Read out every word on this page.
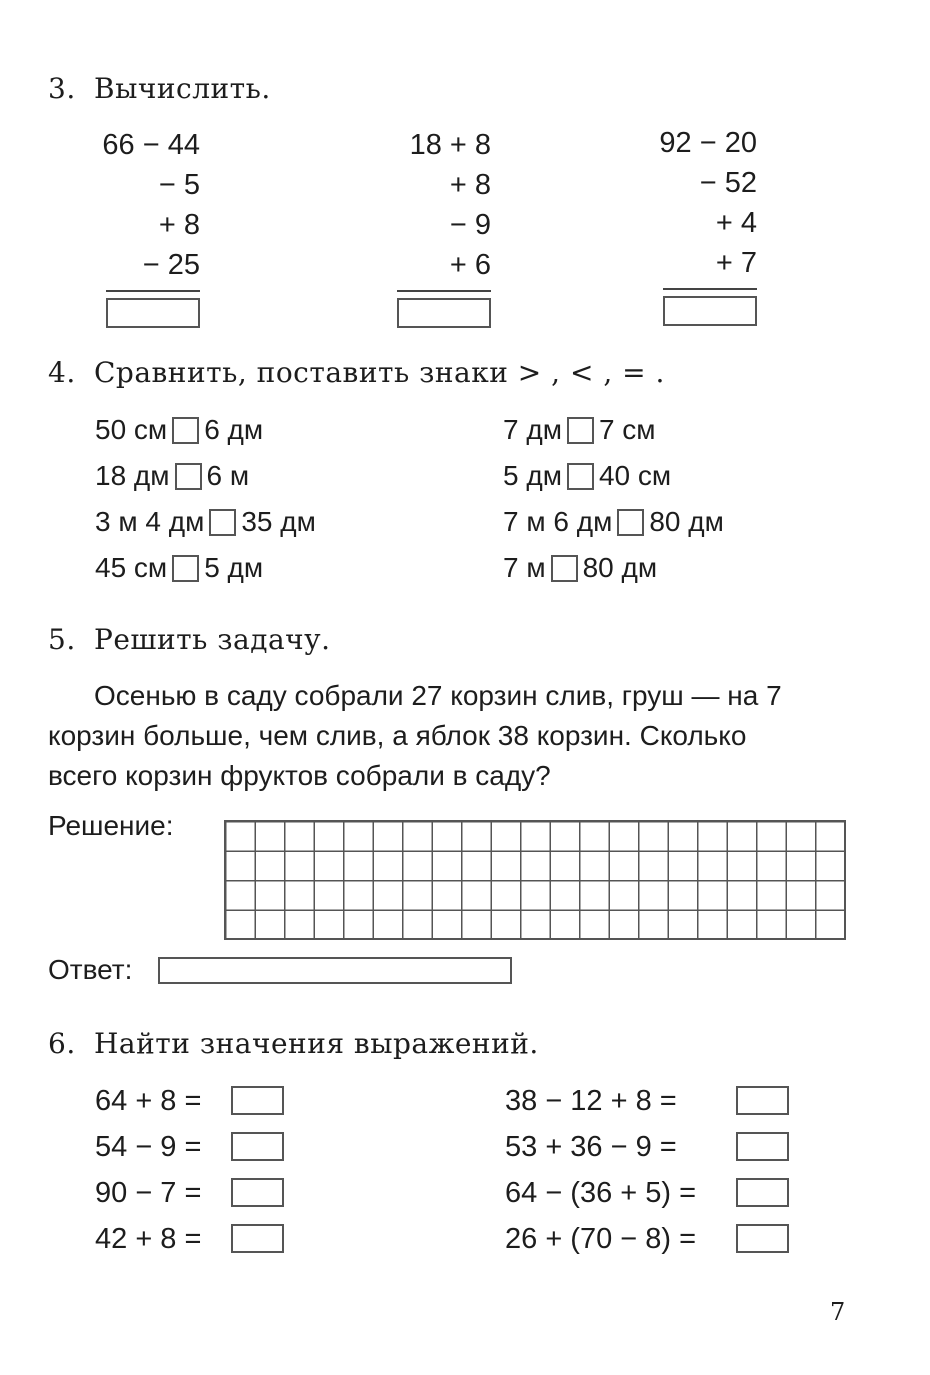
3. Вычислить.
66 − 44
− 5
+ 8
− 25
18 + 8
+ 8
− 9
+ 6
92 − 20
− 52
+ 4
+ 7
4. Сравнить, поставить знаки > , < , = .
50 см 6 дм
18 дм 6 м
3 м 4 дм 35 дм
45 см 5 дм
7 дм 7 см
5 дм 40 см
7 м 6 дм 80 дм
7 м 80 дм
5. Решить задачу.
Осенью в саду собрали 27 корзин слив, груш — на 7
корзин больше, чем слив, а яблок 38 корзин. Сколько
всего корзин фруктов собрали в саду?
Решение:
Ответ:
6. Найти значения выражений.
64 + 8 =
54 − 9 =
90 − 7 =
42 + 8 =
38 − 12 + 8 =
53 + 36 − 9 =
64 − (36 + 5) =
26 + (70 − 8) =
7
